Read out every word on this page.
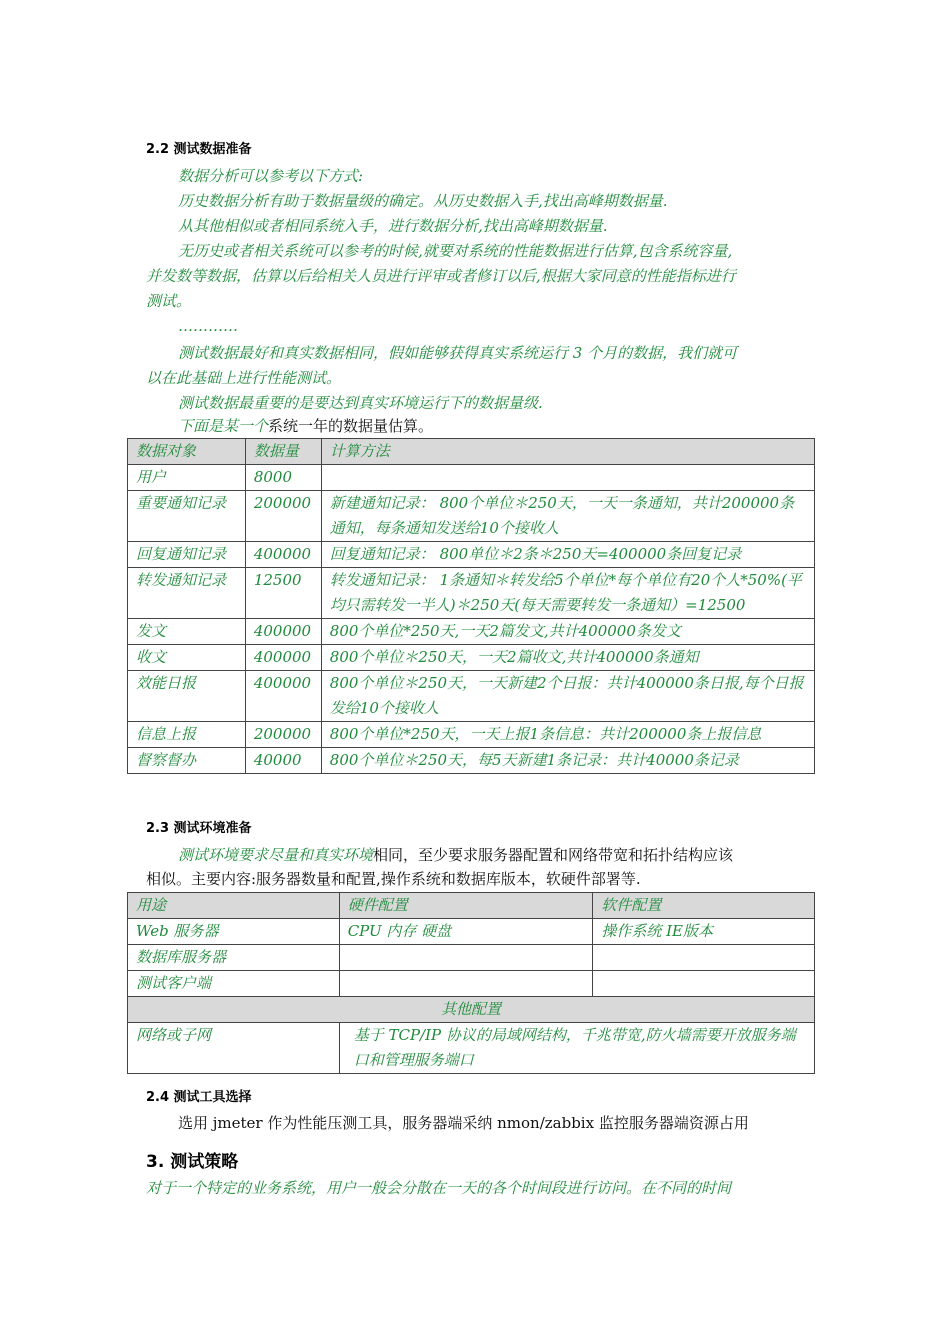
2.2 测试数据准备
数据分析可以参考以下方式:
历史数据分析有助于数据量级的确定。从历史数据入手,找出高峰期数据量.
从其他相似或者相同系统入手，进行数据分析,找出高峰期数据量.
无历史或者相关系统可以参考的时候,就要对系统的性能数据进行估算,包含系统容量,
并发数等数据，估算以后给相关人员进行评审或者修订以后,根据大家同意的性能指标进行
测试。
…………
测试数据最好和真实数据相同，假如能够获得真实系统运行 3 个月的数据，我们就可
以在此基础上进行性能测试。
测试数据最重要的是要达到真实环境运行下的数据量级.
下面是某一个系统一年的数据量估算。
数据对象	数据量	计算方法
用户	8000	
重要通知记录	200000	新建通知记录： 800个单位＊250天，一天一条通知，共计200000条通知，每条通知发送给10个接收人
回复通知记录	400000	回复通知记录： 800单位＊2条＊250天=400000条回复记录
转发通知记录	12500	转发通知记录： 1条通知＊转发给5个单位*每个单位有20个人*50%(平均只需转发一半人)＊250天(每天需要转发一条通知）=12500
发文	400000	800个单位*250天,一天2篇发文,共计400000条发文
收文	400000	800个单位＊250天，一天2篇收文,共计400000条通知
效能日报	400000	800个单位＊250天，一天新建2个日报：共计400000条日报,每个日报发给10个接收人
信息上报	200000	800个单位*250天，一天上报1条信息：共计200000条上报信息
督察督办	40000	800个单位＊250天，每5天新建1条记录：共计40000条记录
2.3 测试环境准备
测试环境要求尽量和真实环境相同，至少要求服务器配置和网络带宽和拓扑结构应该
相似。主要内容:服务器数量和配置,操作系统和数据库版本，软硬件部署等.
用途	硬件配置	软件配置
Web 服务器	CPU 内存 硬盘	操作系统 IE版本
数据库服务器		
测试客户端		
其他配置		
网络或子网	基于 TCP/IP 协议的局域网结构，千兆带宽,防火墙需要开放服务端口和管理服务端口	
2.4 测试工具选择
选用 jmeter 作为性能压测工具，服务器端采纳 nmon/zabbix 监控服务器端资源占用
3. 测试策略
对于一个特定的业务系统，用户一般会分散在一天的各个时间段进行访问。在不同的时间
